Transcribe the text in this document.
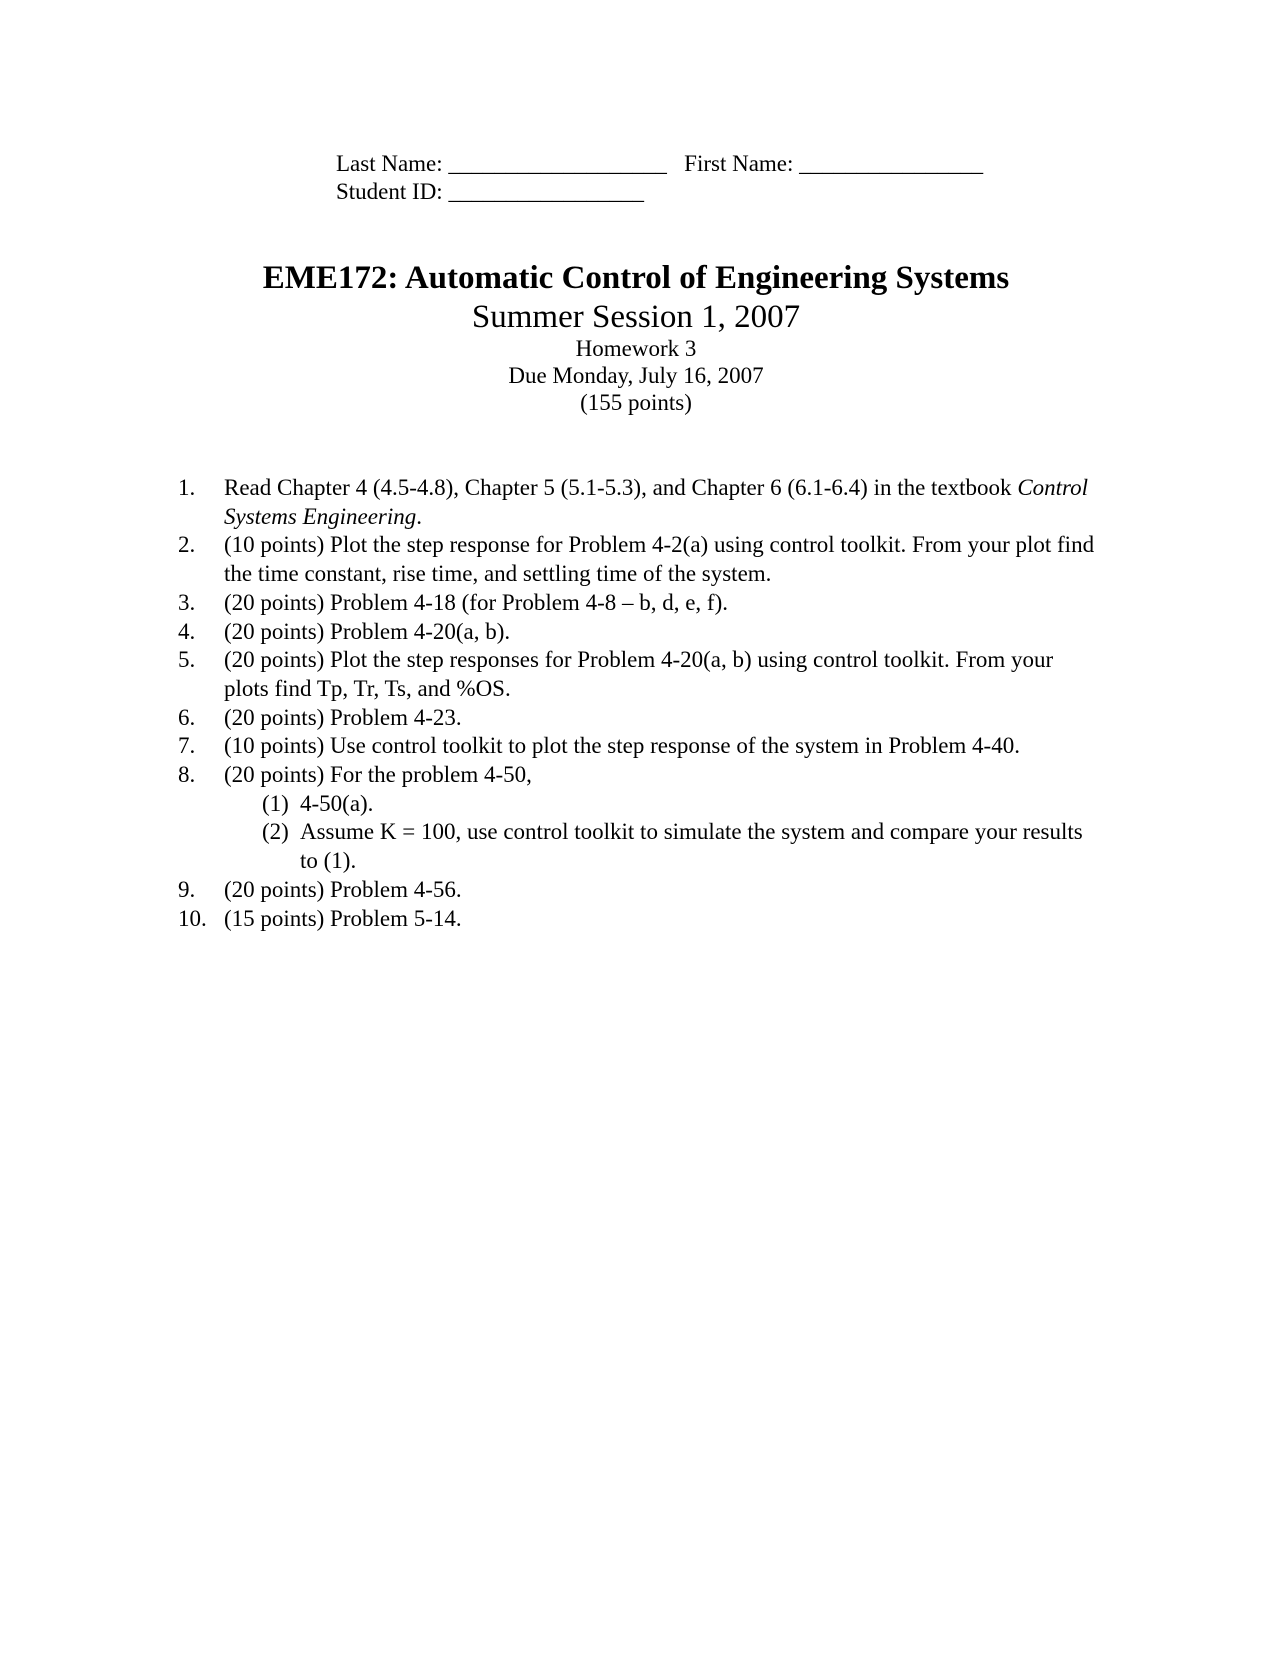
Last Name: ___________________   First Name: ________________
Student ID: _________________
EME172: Automatic Control of Engineering Systems
Summer Session 1, 2007
Homework 3
Due Monday, July 16, 2007
(155 points)
1.	Read Chapter 4 (4.5-4.8), Chapter 5 (5.1-5.3), and Chapter 6 (6.1-6.4) in the textbook Control Systems Engineering.
2.	(10 points) Plot the step response for Problem 4-2(a) using control toolkit. From your plot find the time constant, rise time, and settling time of the system.
3.	(20 points) Problem 4-18 (for Problem 4-8 – b, d, e, f).
4.	(20 points) Problem 4-20(a, b).
5.	(20 points) Plot the step responses for Problem 4-20(a, b) using control toolkit. From your plots find Tp, Tr, Ts, and %OS.
6.	(20 points) Problem 4-23.
7.	(10 points) Use control toolkit to plot the step response of the system in Problem 4-40.
8.	(20 points) For the problem 4-50,
(1) 4-50(a).
(2) Assume K = 100, use control toolkit to simulate the system and compare your results to (1).
9.	(20 points) Problem 4-56.
10. (15 points) Problem 5-14.
